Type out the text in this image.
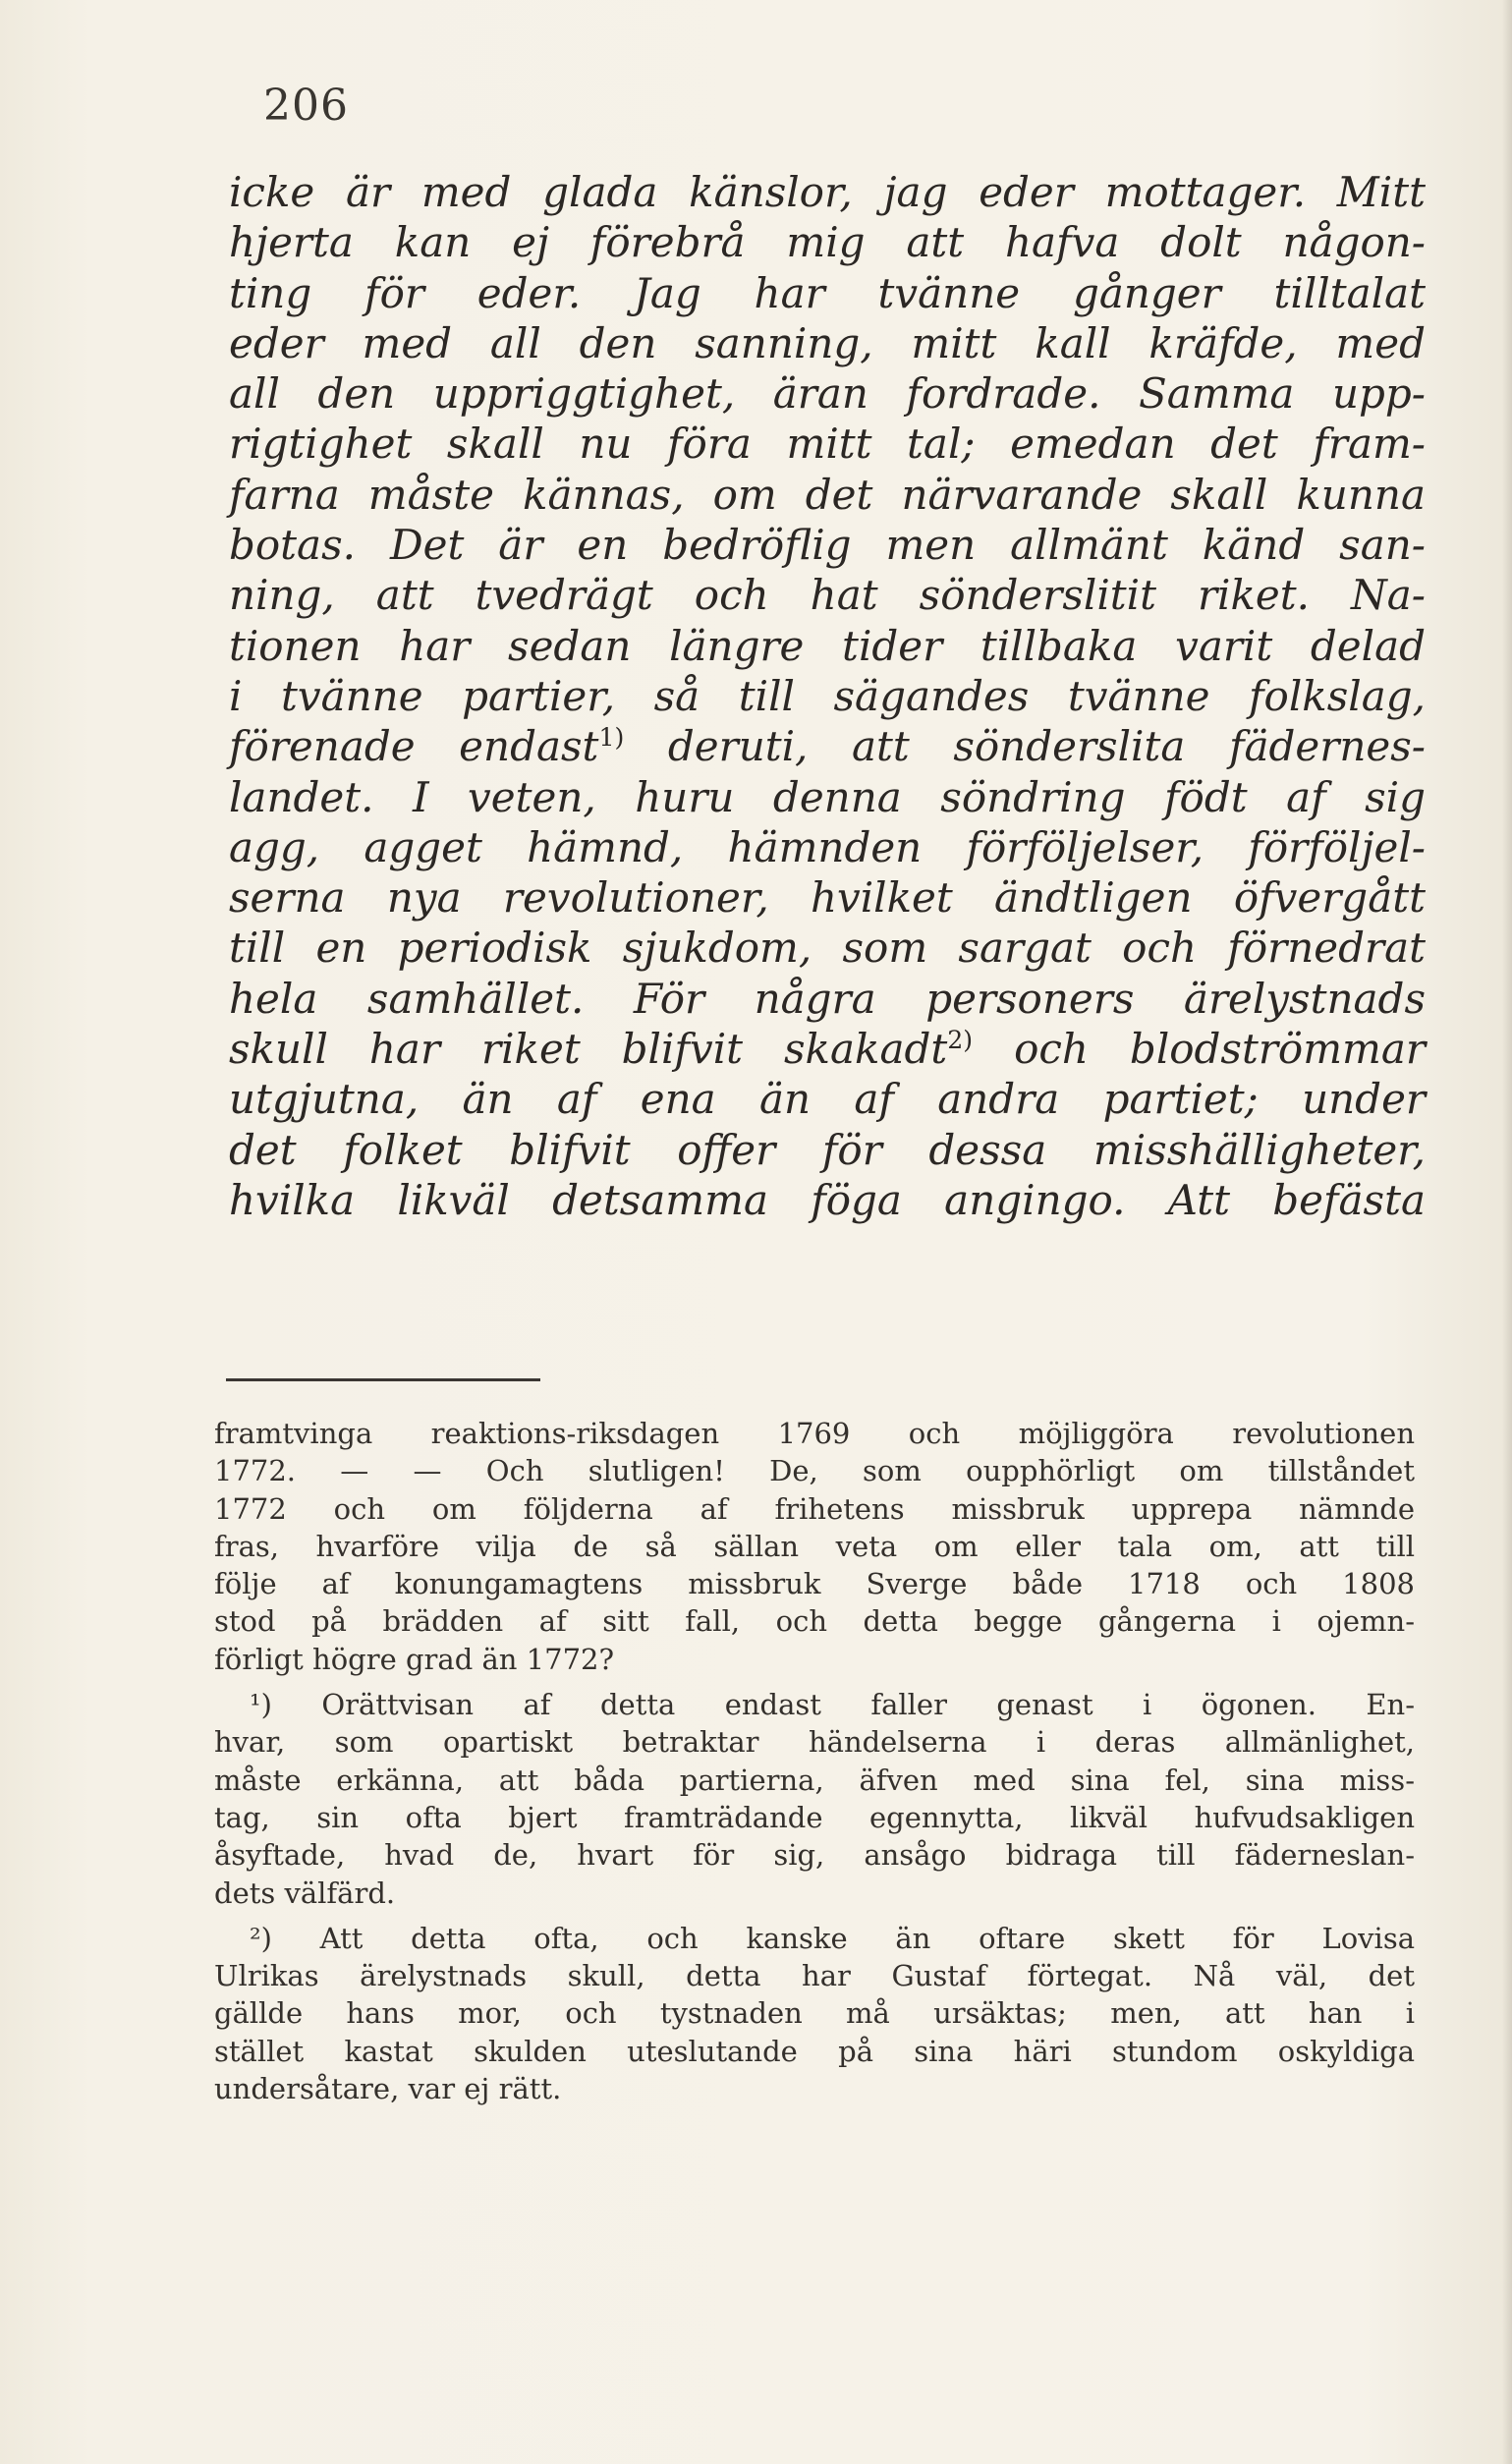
206
icke är med glada känslor, jag eder mottager. Mitt
hjerta kan ej förebrå mig att hafva dolt någon-
ting för eder. Jag har tvänne gånger tilltalat
eder med all den sanning, mitt kall kräfde, med
all den uppriggtighet, äran fordrade. Samma upp-
rigtighet skall nu föra mitt tal; emedan det fram-
farna måste kännas, om det närvarande skall kunna
botas. Det är en bedröflig men allmänt känd san-
ning, att tvedrägt och hat sönderslitit riket. Na-
tionen har sedan längre tider tillbaka varit delad
i tvänne partier, så till sägandes tvänne folkslag,
förenade endast$^{1)}$ deruti, att sönderslita fädernes-
landet. I veten, huru denna söndring födt af sig
agg, agget hämnd, hämnden förföljelser, förföljel-
serna nya revolutioner, hvilket ändtligen öfvergått
till en periodisk sjukdom, som sargat och förnedrat
hela samhället. För några personers ärelystnads
skull har riket blifvit skakadt$^{2)}$ och blodströmmar
utgjutna, än af ena än af andra partiet; under
det folket blifvit offer för dessa misshälligheter,
hvilka likväl detsamma föga angingo. Att befästa
framtvinga reaktions-riksdagen 1769 och möjliggöra revolutionen
1772. — — Och slutligen! De, som oupphörligt om tillståndet
1772 och om följderna af frihetens missbruk upprepa nämnde
fras, hvarföre vilja de så sällan veta om eller tala om, att till
följe af konungamagtens missbruk Sverge både 1718 och 1808
stod på brädden af sitt fall, och detta begge gångerna i ojemn-
förligt högre grad än 1772?
¹) Orättvisan af detta endast faller genast i ögonen. En-
hvar, som opartiskt betraktar händelserna i deras allmänlighet,
måste erkänna, att båda partierna, äfven med sina fel, sina miss-
tag, sin ofta bjert framträdande egennytta, likväl hufvudsakligen
åsyftade, hvad de, hvart för sig, ansågo bidraga till fäderneslan-
dets välfärd.
²) Att detta ofta, och kanske än oftare skett för Lovisa
Ulrikas ärelystnads skull, detta har Gustaf förtegat. Nå väl, det
gällde hans mor, och tystnaden må ursäktas; men, att han i
stället kastat skulden uteslutande på sina häri stundom oskyldiga
undersåtare, var ej rätt.
